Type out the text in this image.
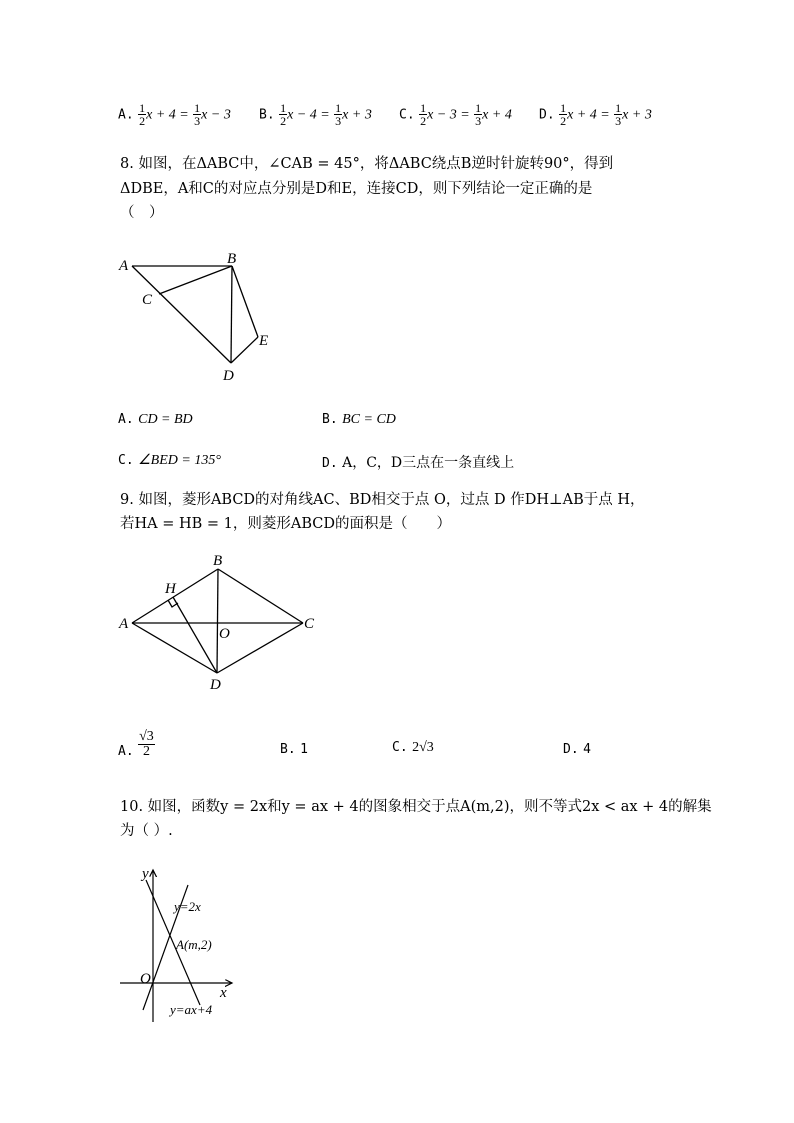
A. $\frac{1}{2}$ $x + 4 = \frac{1}{3}$ x − 3 B. $\frac{1}{2}$ $x - 4 = \frac{1}{3}$ x + 3 C. $\frac{1}{2}$ $x - 3 = \frac{1}{3}$ x + 4 D. $\frac{1}{2}$ $x + 4 = \frac{1}{3}$ x + 3
8. 如图，在ΔABC中，∠CAB = 45°，将ΔABC绕点B逆时针旋转90°，得到
ΔDBE，A和C的对应点分别是D和E，连接CD，则下列结论一定正确的是
（　）
A	B
C
D
E
A. CD = BD	B. BC = CD
C. ∠BED = 135°	D. A，C，D三点在一条直线上
9. 如图，菱形ABCD的对角线AC、BD相交于点 O，过点 D 作DH⊥AB于点 H，
若HA = HB = 1，则菱形ABCD的面积是（　　）
A
B
C
D
H
O
A. $\frac{√3}{2}$	B. 1	C. 2√3	D. 4
10. 如图，函数y = 2x和y = ax + 4的图象相交于点A(m,2)，则不等式2x < ax + 4的解集
为（ ）.
y
x
O
y=2x
A(m,2)
y=ax+4
